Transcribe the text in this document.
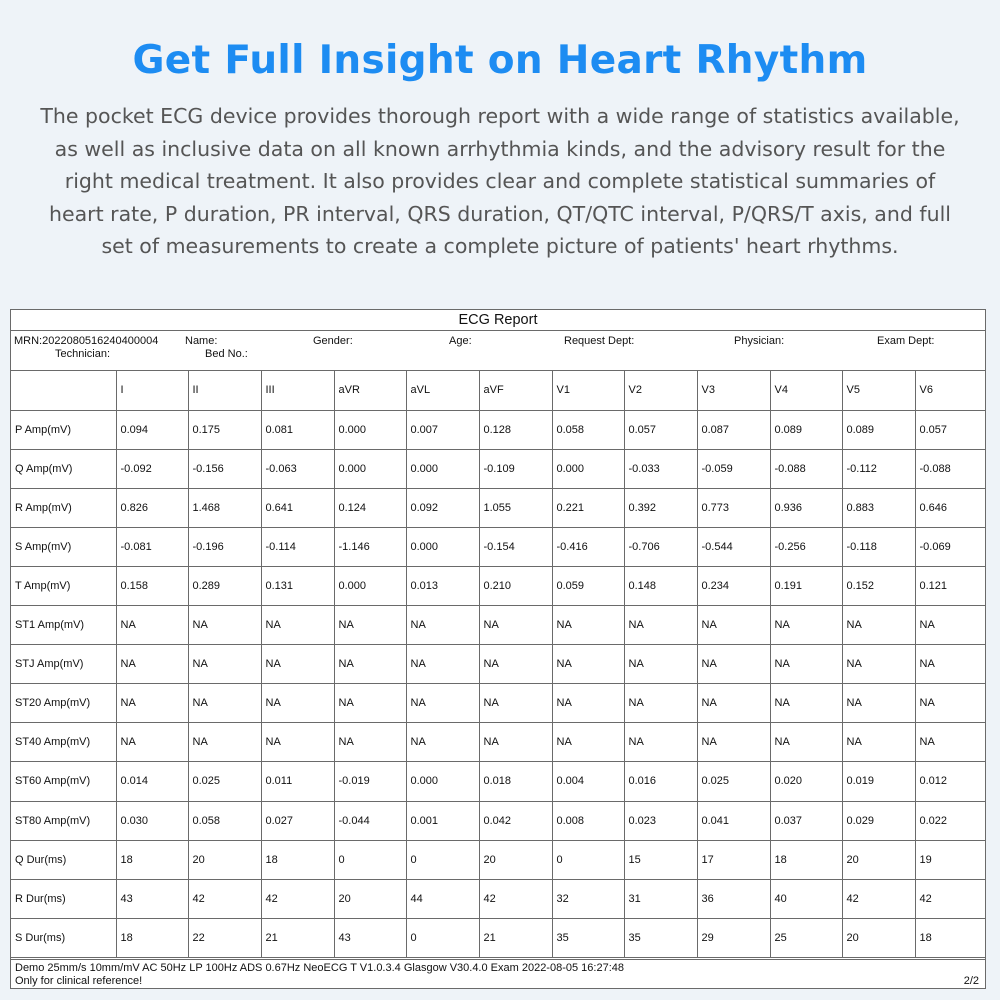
Get Full Insight on Heart Rhythm
The pocket ECG device provides thorough report with a wide range of statistics available,
as well as inclusive data on all known arrhythmia kinds, and the advisory result for the
right medical treatment. It also provides clear and complete statistical summaries of
heart rate, P duration, PR interval, QRS duration, QT/QTC interval, P/QRS/T axis, and full
set of measurements to create a complete picture of patients' heart rhythms.
ECG Report
MRN:2022080516240400004 Name:	Gender:	Age:	Request Dept:	Physician:	Exam Dept:
Technician:	Bed No.:
	I	II	III	aVR	aVL	aVF	V1	V2	V3	V4	V5	V6
P Amp(mV)	0.094	0.175	0.081	0.000	0.007	0.128	0.058	0.057	0.087	0.089	0.089	0.057
Q Amp(mV)	-0.092	-0.156	-0.063	0.000	0.000	-0.109	0.000	-0.033	-0.059	-0.088	-0.112	-0.088
R Amp(mV)	0.826	1.468	0.641	0.124	0.092	1.055	0.221	0.392	0.773	0.936	0.883	0.646
S Amp(mV)	-0.081	-0.196	-0.114	-1.146	0.000	-0.154	-0.416	-0.706	-0.544	-0.256	-0.118	-0.069
T Amp(mV)	0.158	0.289	0.131	0.000	0.013	0.210	0.059	0.148	0.234	0.191	0.152	0.121
ST1 Amp(mV)	NA	NA	NA	NA	NA	NA	NA	NA	NA	NA	NA	NA
STJ Amp(mV)	NA	NA	NA	NA	NA	NA	NA	NA	NA	NA	NA	NA
ST20 Amp(mV)	NA	NA	NA	NA	NA	NA	NA	NA	NA	NA	NA	NA
ST40 Amp(mV)	NA	NA	NA	NA	NA	NA	NA	NA	NA	NA	NA	NA
ST60 Amp(mV)	0.014	0.025	0.011	-0.019	0.000	0.018	0.004	0.016	0.025	0.020	0.019	0.012
ST80 Amp(mV)	0.030	0.058	0.027	-0.044	0.001	0.042	0.008	0.023	0.041	0.037	0.029	0.022
Q Dur(ms)	18	20	18	0	0	20	0	15	17	18	20	19
R Dur(ms)	43	42	42	20	44	42	32	31	36	40	42	42
S Dur(ms)	18	22	21	43	0	21	35	35	29	25	20	18
Demo 25mm/s 10mm/mV AC 50Hz LP 100Hz ADS 0.67Hz NeoECG T V1.0.3.4 Glasgow V30.4.0 Exam 2022-08-05 16:27:48
Only for clinical reference!	2/2
